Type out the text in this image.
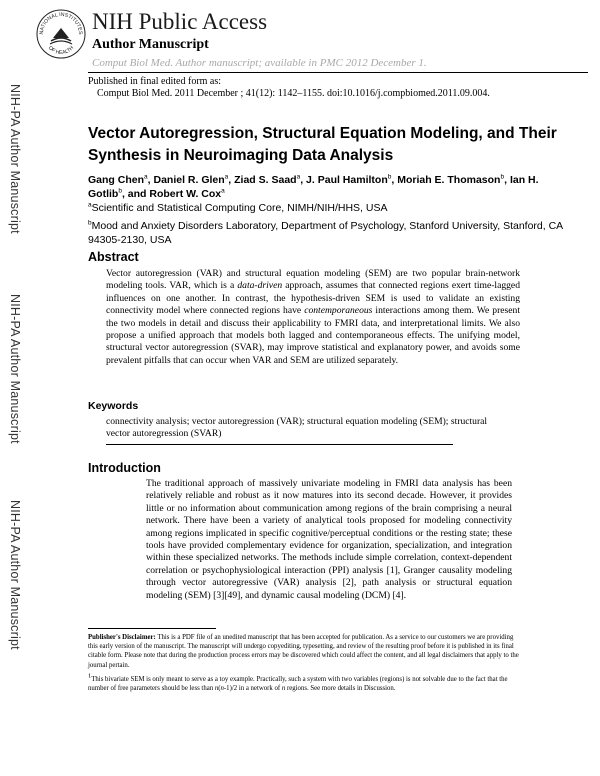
NATIONAL INSTITUTES
OF HEALTH
NIH Public Access
Author Manuscript
Comput Biol Med. Author manuscript; available in PMC 2012 December 1.
Published in final edited form as:
Comput Biol Med. 2011 December ; 41(12): 1142–1155. doi:10.1016/j.compbiomed.2011.09.004.
NIH-PA Author Manuscript
NIH-PA Author Manuscript
NIH-PA Author Manuscript
Vector Autoregression, Structural Equation Modeling, and Their Synthesis in Neuroimaging Data Analysis
Gang Chen$^a$, Daniel R. Glen$^a$, Ziad S. Saad$^a$, J. Paul Hamilton$^b$, Moriah E. Thomason$^b$, Ian H. Gotlib$^b$, and Robert W. Cox$^a$
$^a$Scientific and Statistical Computing Core, NIMH/NIH/HHS, USA
$^b$Mood and Anxiety Disorders Laboratory, Department of Psychology, Stanford University, Stanford, CA 94305-2130, USA
Abstract
Vector autoregression (VAR) and structural equation modeling (SEM) are two popular brain-network modeling tools. VAR, which is a data-driven approach, assumes that connected regions exert time-lagged influences on one another. In contrast, the hypothesis-driven SEM is used to validate an existing connectivity model where connected regions have contemporaneous interactions among them. We present the two models in detail and discuss their applicability to FMRI data, and interpretational limits. We also propose a unified approach that models both lagged and contemporaneous effects. The unifying model, structural vector autoregression (SVAR), may improve statistical and explanatory power, and avoids some prevalent pitfalls that can occur when VAR and SEM are utilized separately.
Keywords
connectivity analysis; vector autoregression (VAR); structural equation modeling (SEM); structural vector autoregression (SVAR)
Introduction
The traditional approach of massively univariate modeling in FMRI data analysis has been relatively reliable and robust as it now matures into its second decade. However, it provides little or no information about communication among regions of the brain comprising a neural network. There have been a variety of analytical tools proposed for modeling connectivity among regions implicated in specific cognitive/perceptual conditions or the resting state; these tools have provided complementary evidence for organization, specialization, and integration within these specialized networks. The methods include simple correlation, context-dependent correlation or psychophysiological interaction (PPI) analysis [1], Granger causality modeling through vector autoregressive (VAR) analysis [2], path analysis or structural equation modeling (SEM) [3][49], and dynamic causal modeling (DCM) [4].
Publisher's Disclaimer: This is a PDF file of an unedited manuscript that has been accepted for publication. As a service to our customers we are providing this early version of the manuscript. The manuscript will undergo copyediting, typesetting, and review of the resulting proof before it is published in its final citable form. Please note that during the production process errors may be discovered which could affect the content, and all legal disclaimers that apply to the journal pertain.
$^1$This bivariate SEM is only meant to serve as a toy example. Practically, such a system with two variables (regions) is not solvable due to the fact that the number of free parameters should be less than n(n-1)/2 in a network of n regions. See more details in Discussion.
